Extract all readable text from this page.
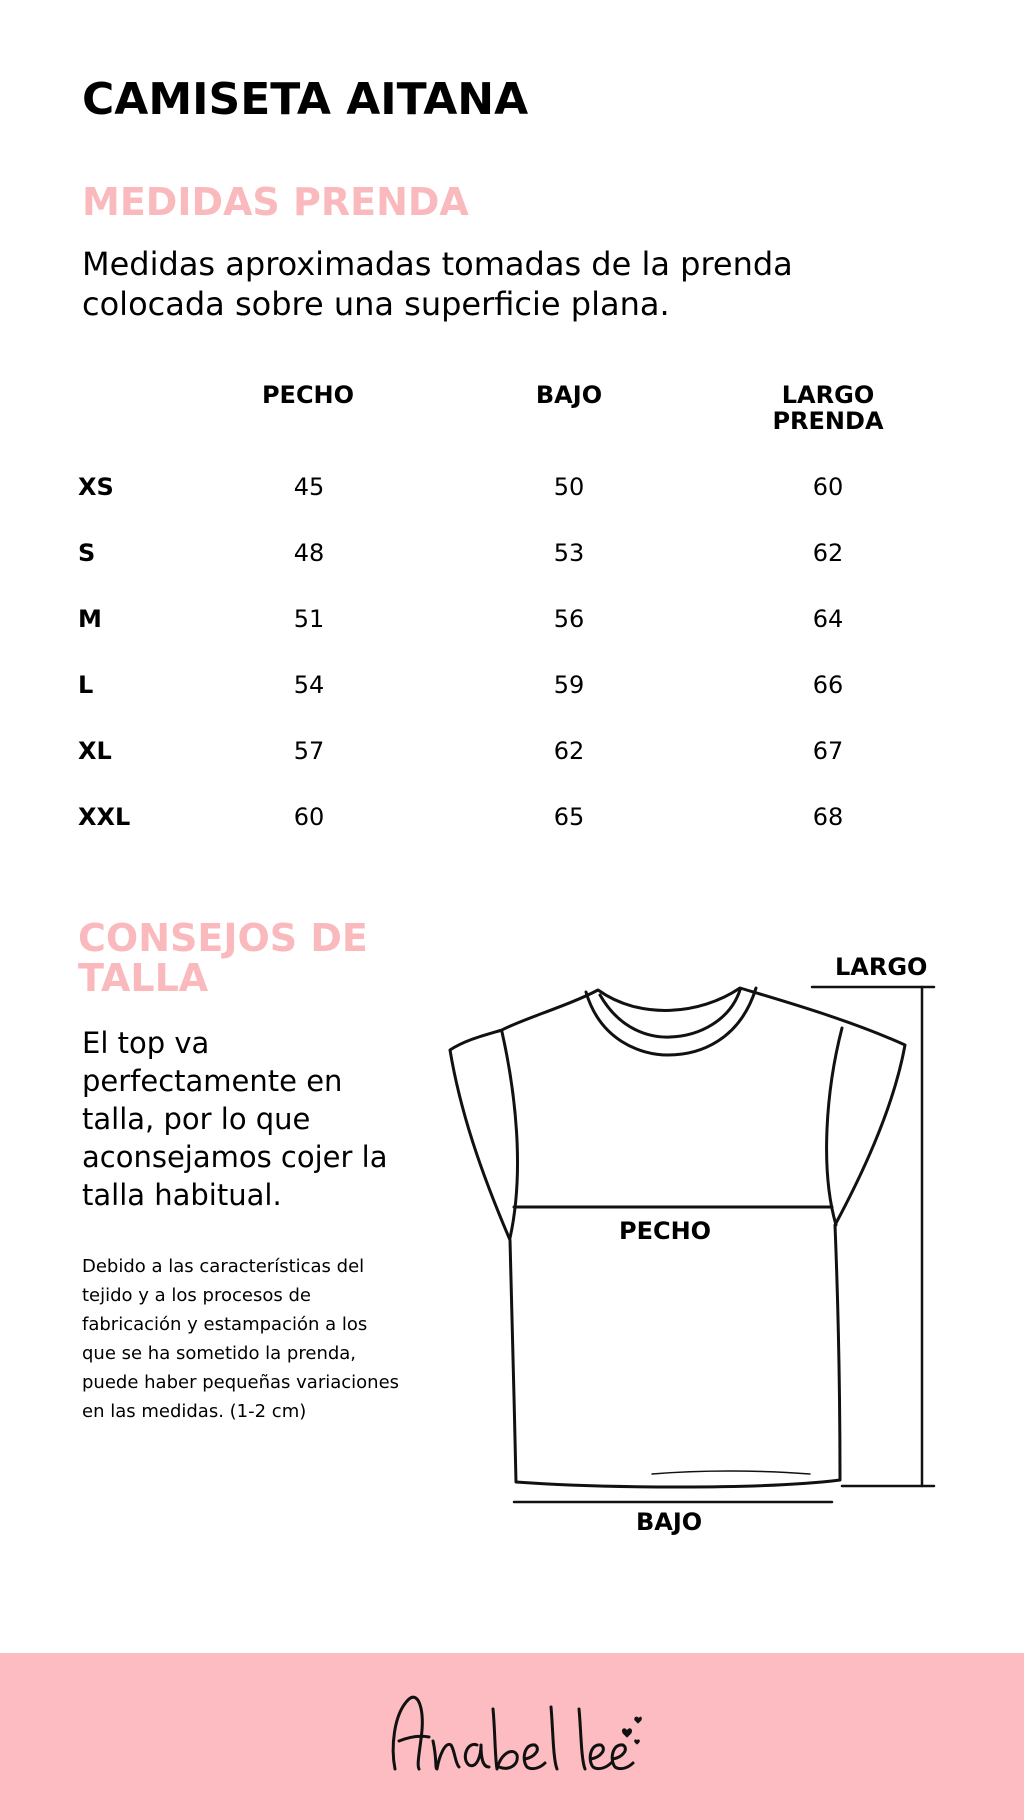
CAMISETA AITANA
MEDIDAS PRENDA
Medidas aproximadas tomadas de la prenda colocada sobre una superficie plana.
PECHO	BAJO	LARGO PRENDA
XS	45	50	60
S	48	53	62
M	51	56	64
L	54	59	66
XL	57	62	67
XXL	60	65	68
CONSEJOS DE TALLA
El top va perfectamente en talla, por lo que aconsejamos cojer la talla habitual.
Debido a las características del tejido y a los procesos de fabricación y estampación a los que se ha sometido la prenda, puede haber pequeñas variaciones en las medidas. (1-2 cm)
LARGO
PECHO
BAJO
